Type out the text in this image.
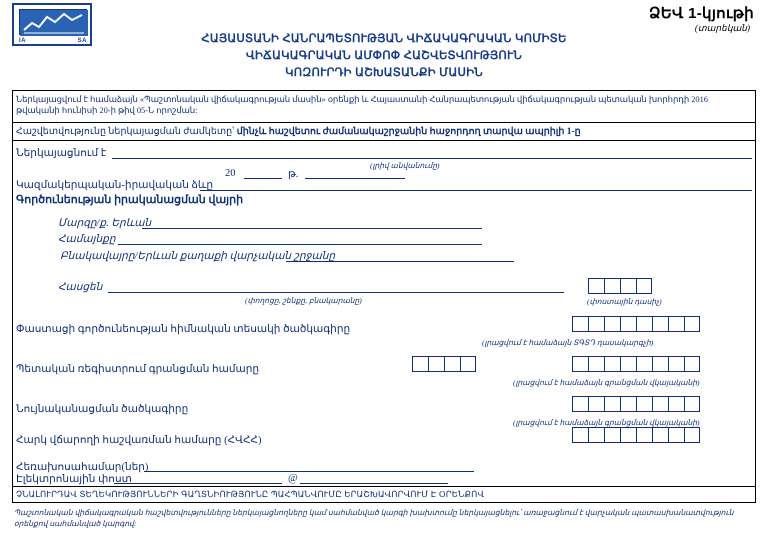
IA	SA
ՁԵՎ 1-կյութի
(տարեկան)
ՀԱՅԱՍՏԱՆԻ ՀԱՆՐԱՊԵՏՈՒԹՅԱՆ ՎԻՃԱԿԱԳՐԱԿԱՆ ԿՈՄԻՏԵ
ՎԻՃԱԿԱԳՐԱԿԱՆ ԱՄՓՈՓ ՀԱՇՎԵՏՎՈՒԹՅՈՒՆ
ԿՈԶՈՒՐԴԻ ԱՇԽԱՏԱՆՔԻ ՄԱՍԻՆ
Ներկայացվում է համաձայն «Պաշտոնական վիճակագրության մասին» օրենքի և Հայաստանի Հանրապետության վիճակագրության պետական խորհրդի 2016 թվականի հունիսի 20-ի թիվ 05-Ն որոշման:
Հաշվետվությունը ներկայացման ժամկետը՝ մինչև հաշվետու ժամանակաշրջանին հաջորդող տարվա ապրիլի 1-ը
Ներկայացնում է
(լրիվ անվանումը)
20	թ.
Կազմակերպական-իրավական ձևը
Գործունեության իրականացման վայրի
Մարզը/ք. Երևան
Համայնքը
Բնակավայրը/Երևան քաղաքի վարչական շրջանը
Հասցեն
(փողոցը, շենքը, բնակարանը)	(փոստային դասիչ)
Փաստացի գործունեության հիմնական տեսակի ծածկագիրը
(լրացվում է համաձայն ՏԳՏԴ դասակարգչի)
Պետական ռեգիստրում գրանցման համարը
(լրացվում է համաձայն գրանցման վկայականի)
Նույնականացման ծածկագիրը
(լրացվում է համաձայն գրանցման վկայականի)
Հարկ վճարողի հաշվառման համարը (ՀՎՀՀ)
Հեռախոսահամար(ներ)
Էլեկտրոնային փոստ	@
ՉՆԱԼՈՒՐԴԱՎ ՏԵՂԵԿՈՒԹՅՈՒՆՆԵՐԻ ԳԱՂՏՆԻՈՒԹՅՈՒՆԸ ՊԱՀՊԱՆՎՈՒՄԸ ԵՐԱՇԽԱՎՈՐՎՈՒՄ Է ՕՐԵՆՔՈՎ
Պաշտոնական վիճակագրական հաշվետվությունները ներկայացնողները կամ սահմանված կարգի խախտումը ներկայացնելու՝ առաջացնում է վարչական պատասխանատվություն օրենքով սահմանված կարգով:
